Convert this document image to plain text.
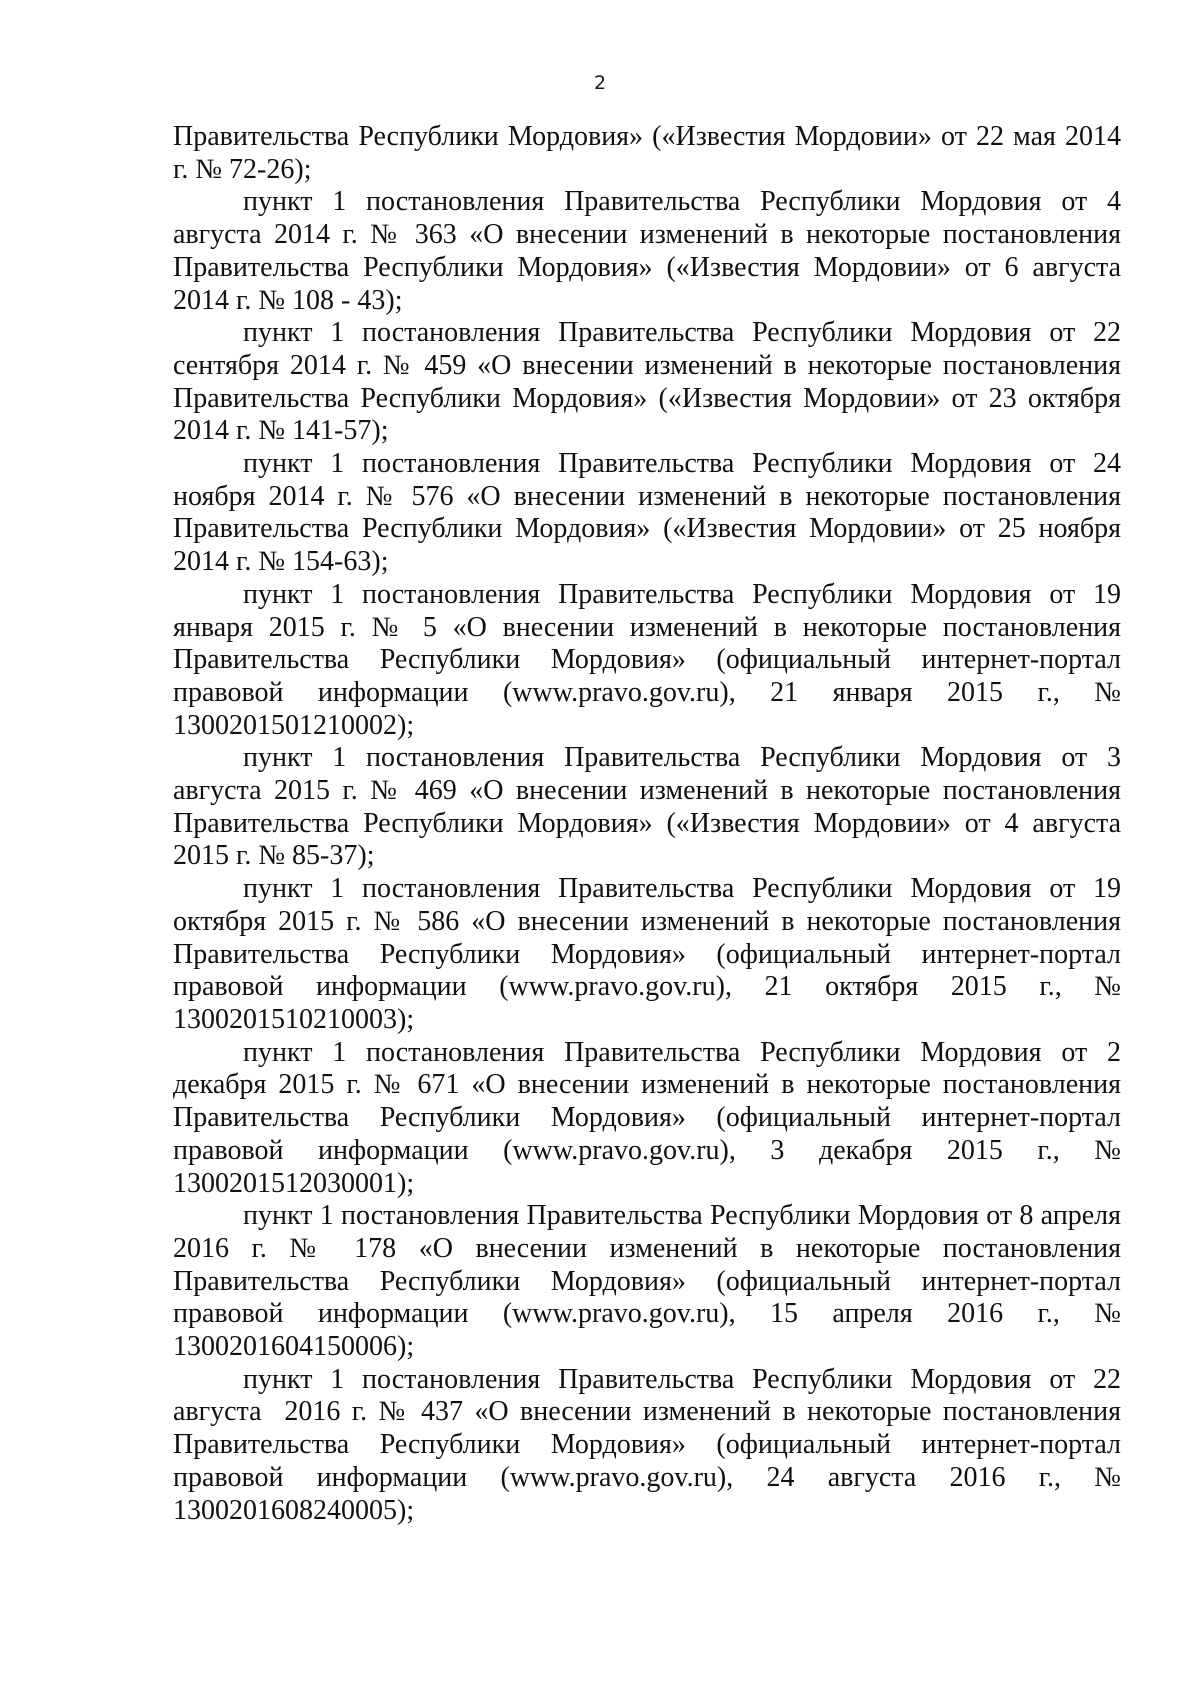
2

Правительства Республики Мордовия» («Известия Мордовии» от 22 мая 2014 г. № 72-26);

пункт 1 постановления Правительства Республики Мордовия от 4 августа 2014 г. № 363 «О внесении изменений в некоторые постановления Правительства Республики Мордовия» («Известия Мордовии» от 6 августа 2014 г. № 108 - 43);

пункт 1 постановления Правительства Республики Мордовия от 22 сентября 2014 г. № 459 «О внесении изменений в некоторые постановления Правительства Республики Мордовия» («Известия Мордовии» от 23 октября 2014 г. № 141-57);

пункт 1 постановления Правительства Республики Мордовия от 24 ноября 2014 г. № 576 «О внесении изменений в некоторые постановления Правительства Республики Мордовия» («Известия Мордовии» от 25 ноября 2014 г. № 154-63);

пункт 1 постановления Правительства Республики Мордовия от 19 января 2015 г. № 5 «О внесении изменений в некоторые постановления Правительства Республики Мордовия» (официальный интернет-портал правовой информации (www.pravo.gov.ru), 21 января 2015 г., № 1300201501210002);

пункт 1 постановления Правительства Республики Мордовия от 3 августа 2015 г. № 469 «О внесении изменений в некоторые постановления Правительства Республики Мордовия» («Известия Мордовии» от 4 августа 2015 г. № 85-37);

пункт 1 постановления Правительства Республики Мордовия от 19 октября 2015 г. № 586 «О внесении изменений в некоторые постановления Правительства Республики Мордовия» (официальный интернет-портал правовой информации (www.pravo.gov.ru), 21 октября 2015 г., № 1300201510210003);

пункт 1 постановления Правительства Республики Мордовия от 2 декабря 2015 г. № 671 «О внесении изменений в некоторые постановления Правительства Республики Мордовия» (официальный интернет-портал правовой информации (www.pravo.gov.ru), 3 декабря 2015 г., № 1300201512030001);

пункт 1 постановления Правительства Республики Мордовия от 8 апреля 2016 г. № 178 «О внесении изменений в некоторые постановления Правительства Республики Мордовия» (официальный интернет-портал правовой информации (www.pravo.gov.ru), 15 апреля 2016 г., № 1300201604150006);

пункт 1 постановления Правительства Республики Мордовия от 22 августа  2016 г. № 437 «О внесении изменений в некоторые постановления Правительства Республики Мордовия» (официальный интернет-портал правовой информации (www.pravo.gov.ru), 24 августа 2016 г., № 1300201608240005);
